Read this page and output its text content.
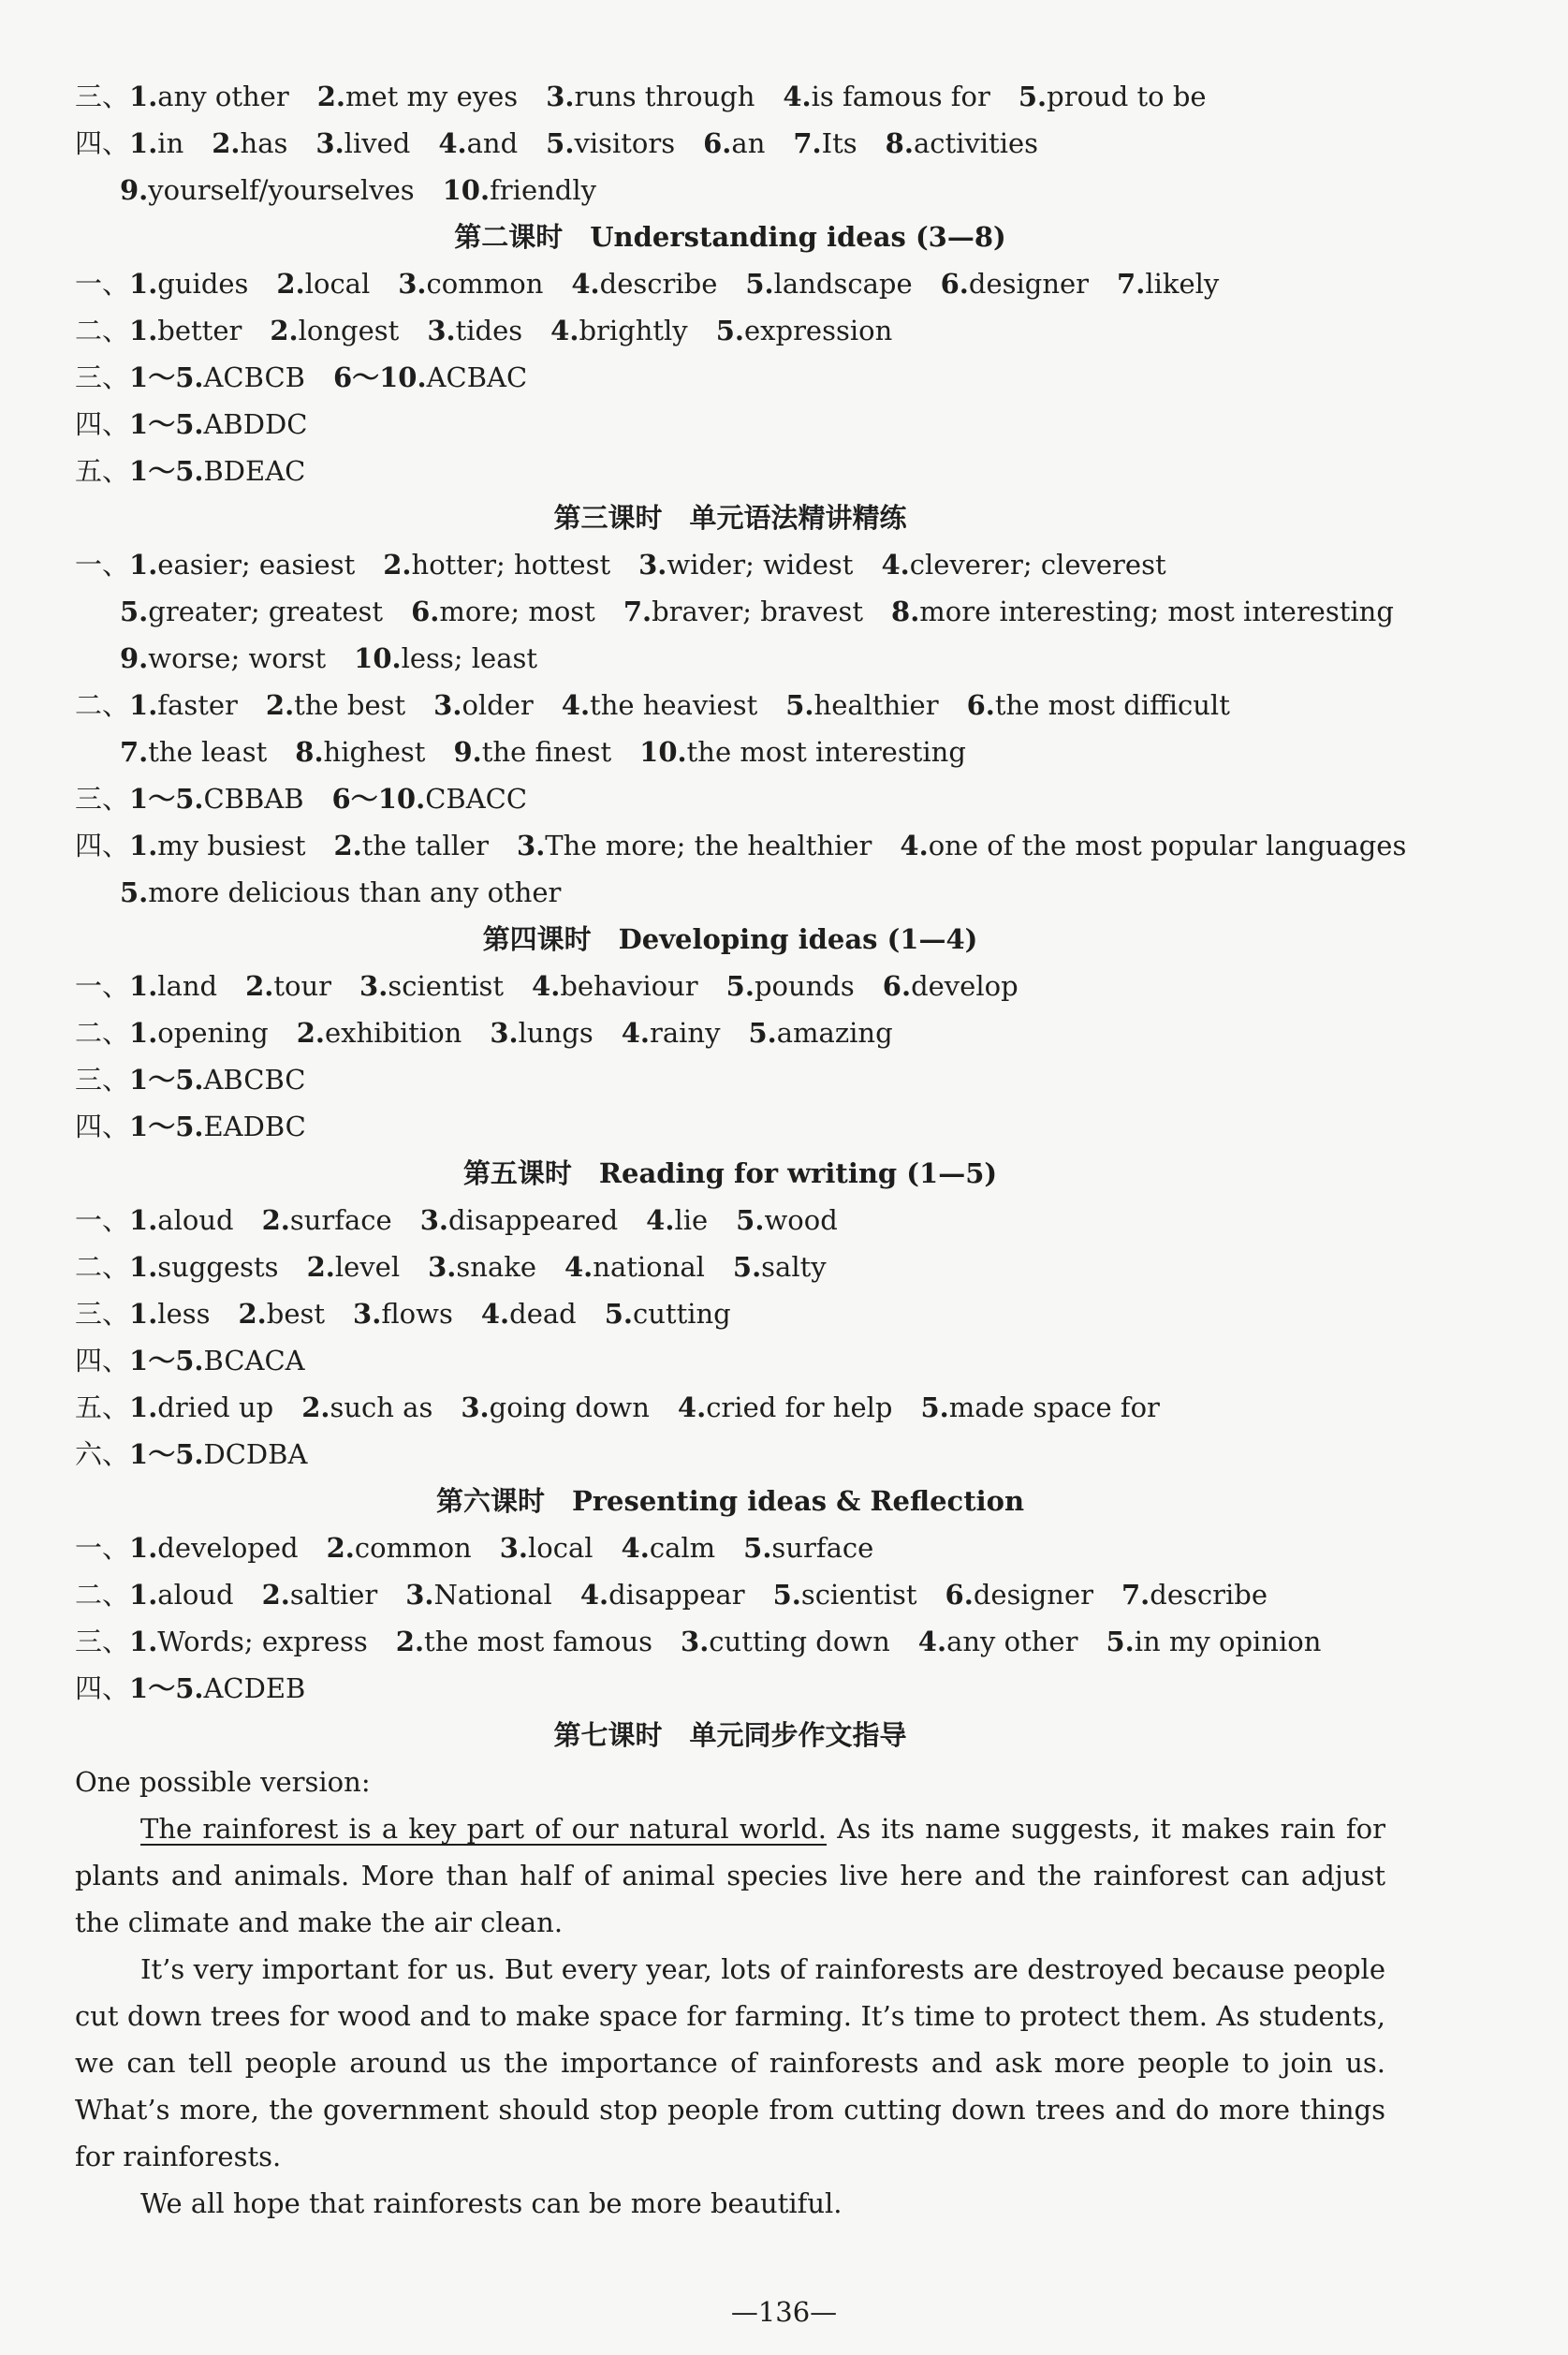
三、1.any other 2.met my eyes 3.runs through 4.is famous for 5.proud to be
四、1.in 2.has 3.lived 4.and 5.visitors 6.an 7.Its 8.activities
9.yourself/yourselves 10.friendly
第二课时　Understanding ideas (3—8)
一、1.guides 2.local 3.common 4.describe 5.landscape 6.designer 7.likely
二、1.better 2.longest 3.tides 4.brightly 5.expression
三、1～5.ACBCB 6～10.ACBAC
四、1～5.ABDDC
五、1～5.BDEAC
第三课时　单元语法精讲精练
一、1.easier; easiest 2.hotter; hottest 3.wider; widest 4.cleverer; cleverest
5.greater; greatest 6.more; most 7.braver; bravest 8.more interesting; most interesting
9.worse; worst 10.less; least
二、1.faster 2.the best 3.older 4.the heaviest 5.healthier 6.the most difficult
7.the least 8.highest 9.the finest 10.the most interesting
三、1～5.CBBAB 6～10.CBACC
四、1.my busiest 2.the taller 3.The more; the healthier 4.one of the most popular languages
5.more delicious than any other
第四课时　Developing ideas (1—4)
一、1.land 2.tour 3.scientist 4.behaviour 5.pounds 6.develop
二、1.opening 2.exhibition 3.lungs 4.rainy 5.amazing
三、1～5.ABCBC
四、1～5.EADBC
第五课时　Reading for writing (1—5)
一、1.aloud 2.surface 3.disappeared 4.lie 5.wood
二、1.suggests 2.level 3.snake 4.national 5.salty
三、1.less 2.best 3.flows 4.dead 5.cutting
四、1～5.BCACA
五、1.dried up 2.such as 3.going down 4.cried for help 5.made space for
六、1～5.DCDBA
第六课时　Presenting ideas & Reflection
一、1.developed 2.common 3.local 4.calm 5.surface
二、1.aloud 2.saltier 3.National 4.disappear 5.scientist 6.designer 7.describe
三、1.Words; express 2.the most famous 3.cutting down 4.any other 5.in my opinion
四、1～5.ACDEB
第七课时　单元同步作文指导
One possible version:

The rainforest is a key part of our natural world. As its name suggests, it makes rain for plants and animals. More than half of animal species live here and the rainforest can adjust the climate and make the air clean.

It’s very important for us. But every year, lots of rainforests are destroyed because people cut down trees for wood and to make space for farming. It’s time to protect them. As students, we can tell people around us the importance of rainforests and ask more people to join us. What’s more, the government should stop people from cutting down trees and do more things for rainforests.

We all hope that rainforests can be more beautiful.

—136—
